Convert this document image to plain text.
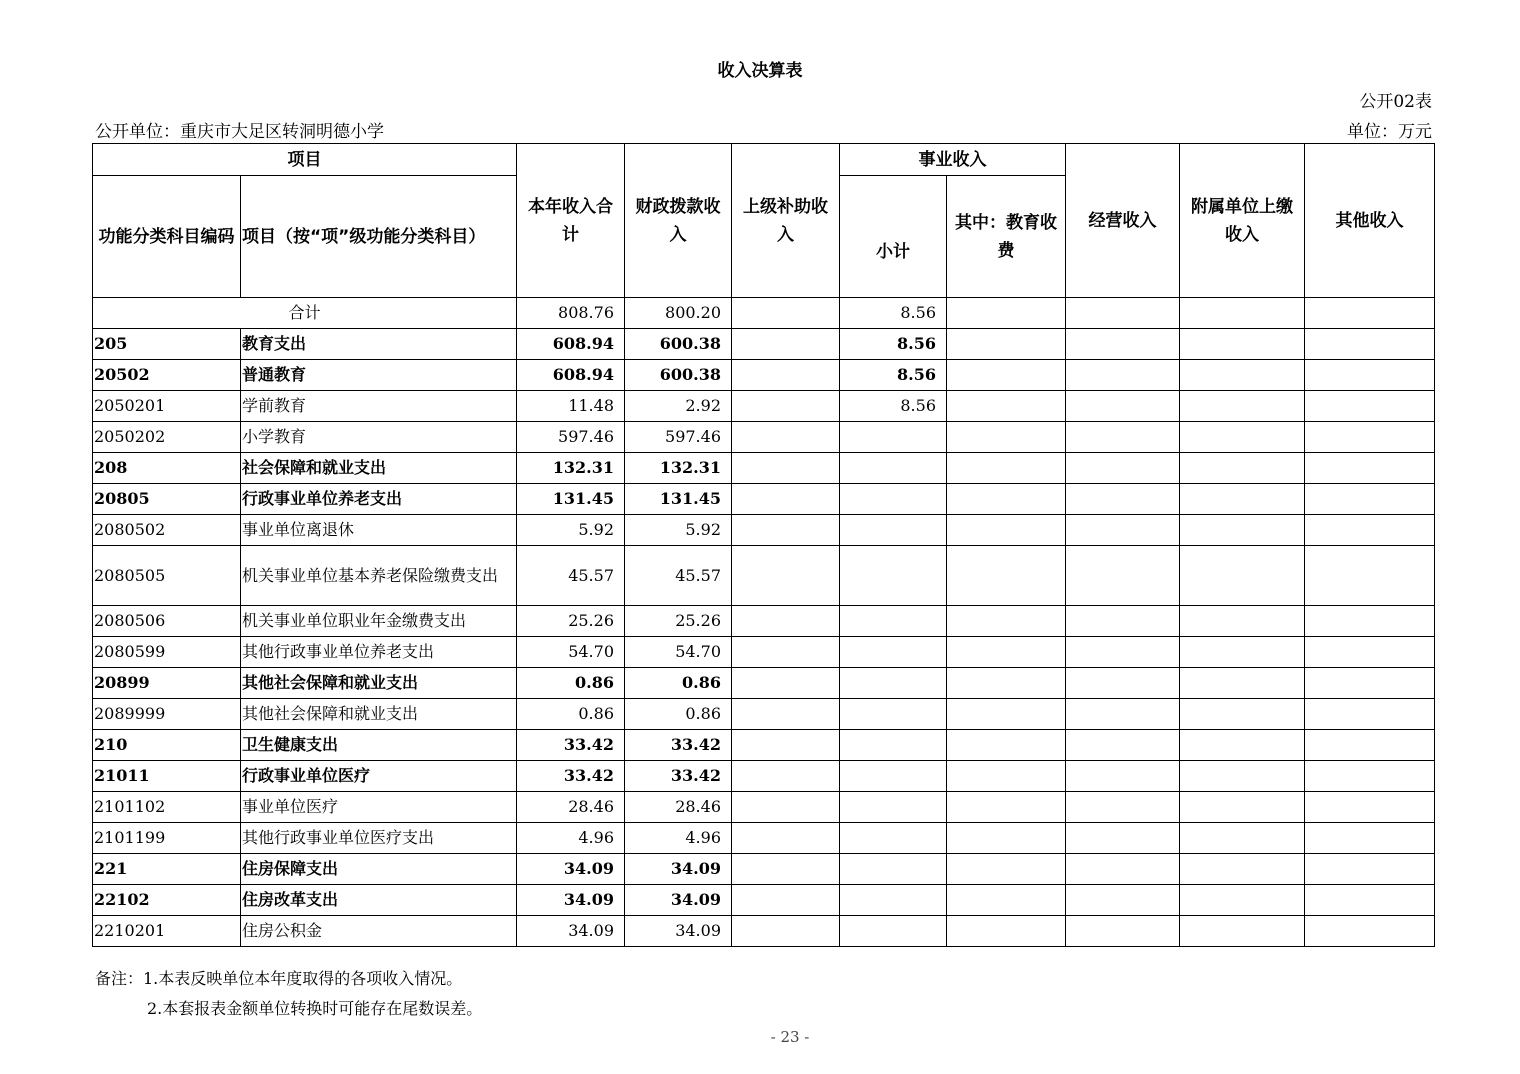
收入决算表
公开02表
公开单位：重庆市大足区转洞明德小学	单位：万元
项目		本年收入合计	财政拨款收入	上级补助收入	事业收入		经营收入	附属单位上缴收入	其他收入
功能分类科目编码	项目（按“项”级功能分类科目）				小计	其中：教育收费			
合计		808.76	800.20		8.56				
205	教育支出	608.94	600.38		8.56				
20502	普通教育	608.94	600.38		8.56				
2050201	学前教育	11.48	2.92		8.56				
2050202	小学教育	597.46	597.46						
208	社会保障和就业支出	132.31	132.31						
20805	行政事业单位养老支出	131.45	131.45						
2080502	事业单位离退休	5.92	5.92						
2080505	机关事业单位基本养老保险缴费支出	45.57	45.57						
2080506	机关事业单位职业年金缴费支出	25.26	25.26						
2080599	其他行政事业单位养老支出	54.70	54.70						
20899	其他社会保障和就业支出	0.86	0.86						
2089999	其他社会保障和就业支出	0.86	0.86						
210	卫生健康支出	33.42	33.42						
21011	行政事业单位医疗	33.42	33.42						
2101102	事业单位医疗	28.46	28.46						
2101199	其他行政事业单位医疗支出	4.96	4.96						
221	住房保障支出	34.09	34.09						
22102	住房改革支出	34.09	34.09						
2210201	住房公积金	34.09	34.09						
备注：1.本表反映单位本年度取得的各项收入情况。
2.本套报表金额单位转换时可能存在尾数误差。
- 23 -
